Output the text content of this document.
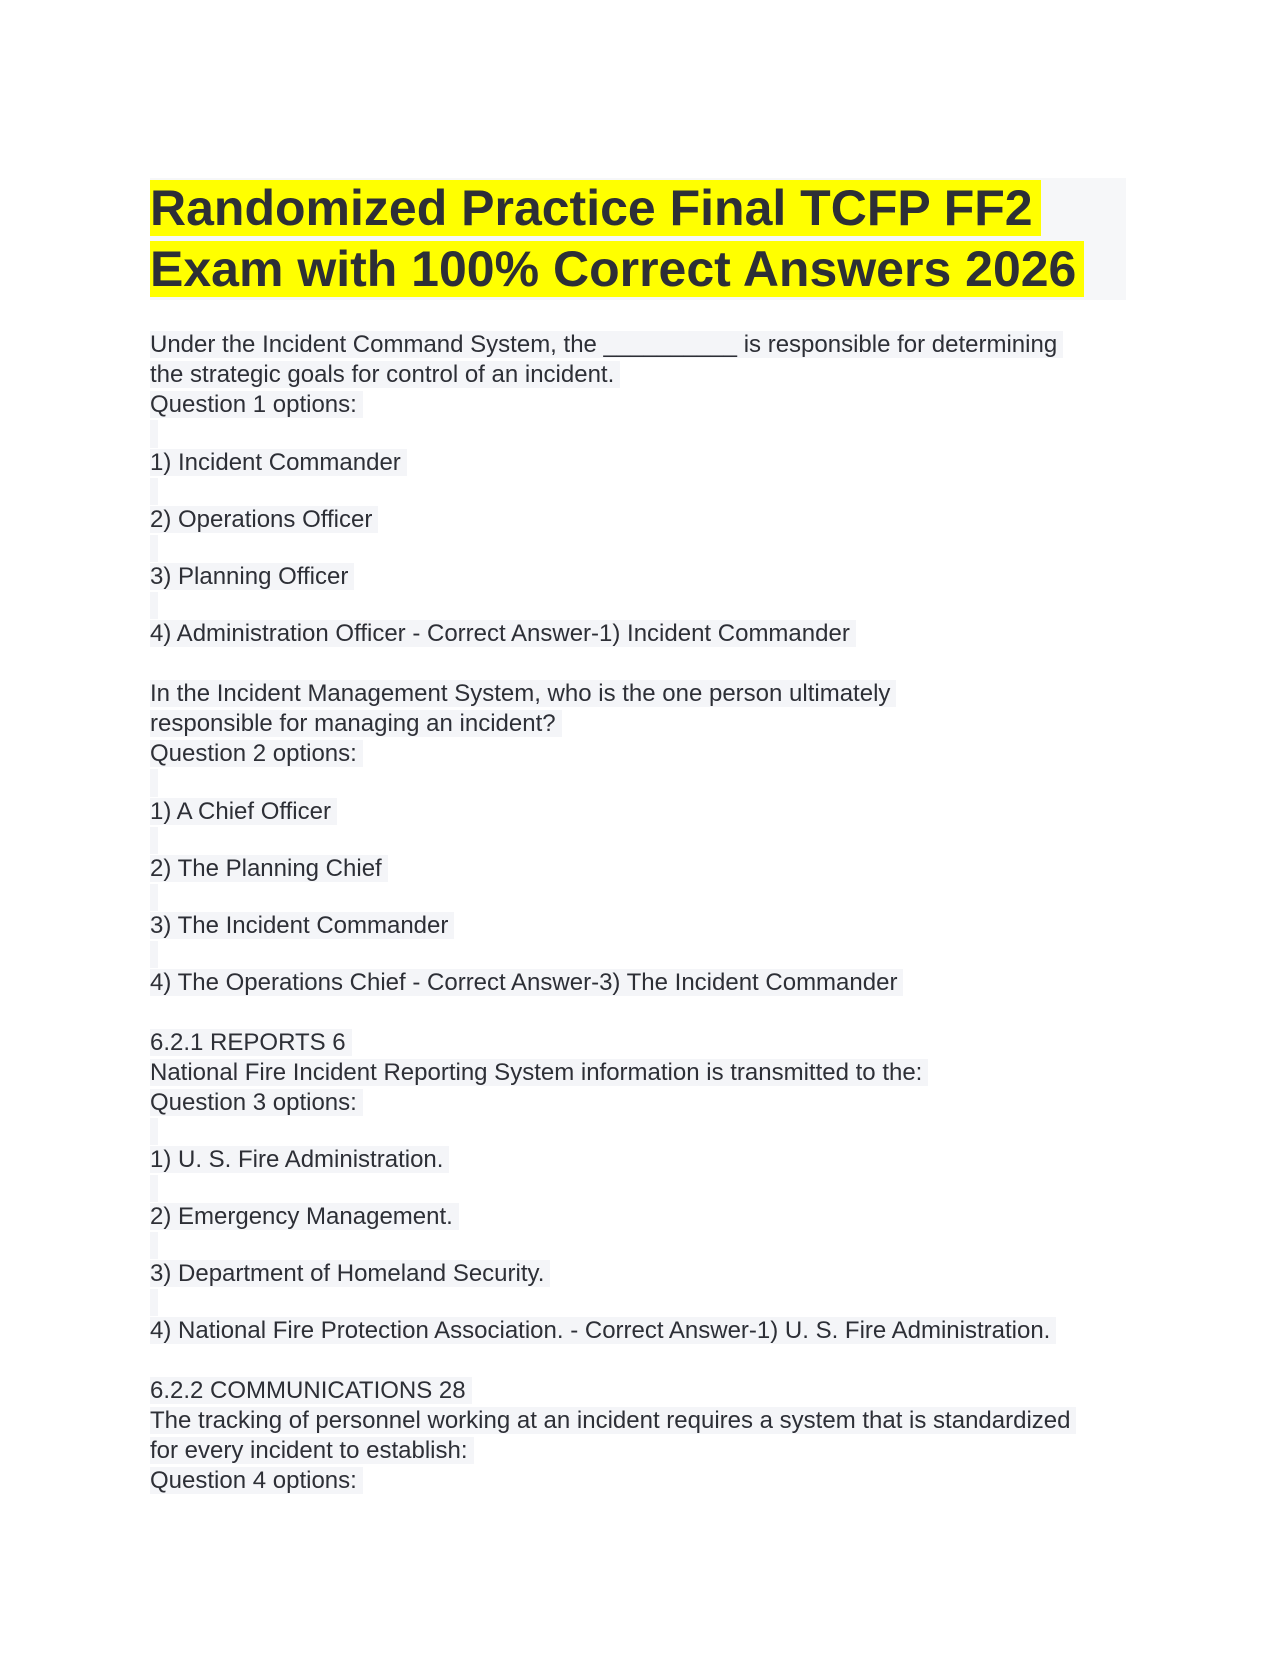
Randomized Practice Final TCFP FF2
Exam with 100% Correct Answers 2026
Under the Incident Command System, the __________ is responsible for determining
the strategic goals for control of an incident.
Question 1 options:
1) Incident Commander
2) Operations Officer
3) Planning Officer
4) Administration Officer - Correct Answer-1) Incident Commander
In the Incident Management System, who is the one person ultimately
responsible for managing an incident?
Question 2 options:
1) A Chief Officer
2) The Planning Chief
3) The Incident Commander
4) The Operations Chief - Correct Answer-3) The Incident Commander
6.2.1 REPORTS 6
National Fire Incident Reporting System information is transmitted to the:
Question 3 options:
1) U. S. Fire Administration.
2) Emergency Management.
3) Department of Homeland Security.
4) National Fire Protection Association. - Correct Answer-1) U. S. Fire Administration.
6.2.2 COMMUNICATIONS 28
The tracking of personnel working at an incident requires a system that is standardized
for every incident to establish:
Question 4 options:
